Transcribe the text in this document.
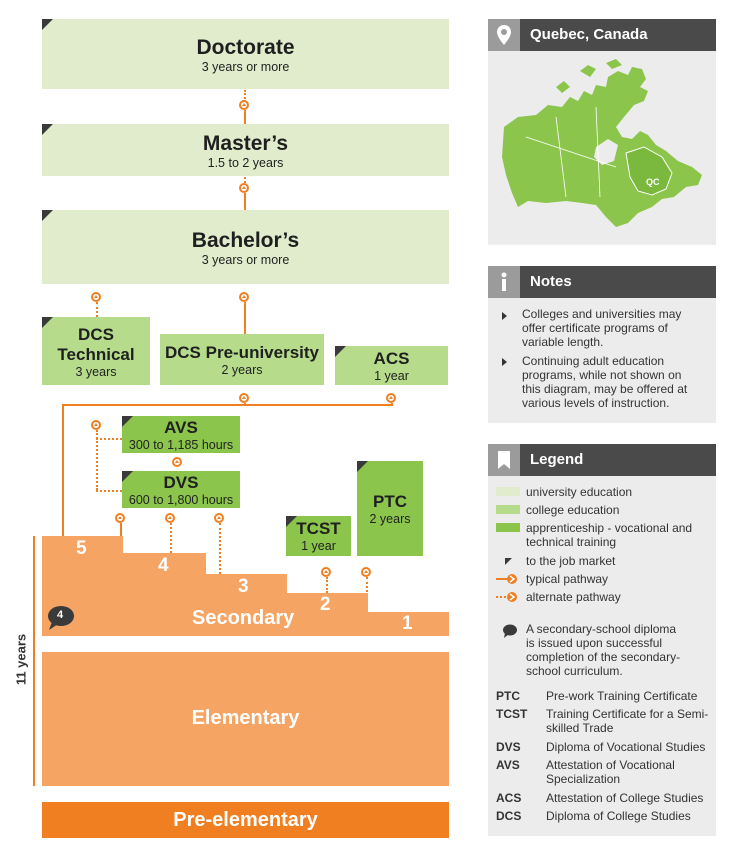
Doctorate
3 years or more
Master’s
1.5 to 2 years
Bachelor’s
3 years or more
DCS
Technical
3 years
DCS Pre-university
2 years
ACS
1 year
AVS
300 to 1,185 hours
DVS
600 to 1,800 hours
TCST
1 year
PTC
2 years
5
4
3
2
1
Secondary
4
11 years
Elementary
Pre-elementary
Quebec, Canada
QC
Notes
Colleges and universities may offer certificate programs of variable length.
Continuing adult education programs, while not shown on this diagram, may be offered at various levels of instruction.
Legend
university education
college education
apprenticeship - vocational and technical training
to the job market
typical pathway
alternate pathway
A secondary-school diploma is issued upon successful completion of the secondary-school curriculum.
PTC Pre-work Training Certificate
TCST Training Certificate for a Semi-skilled Trade
DVS Diploma of Vocational Studies
AVS Attestation of Vocational Specialization
ACS Attestation of College Studies
DCS Diploma of College Studies
